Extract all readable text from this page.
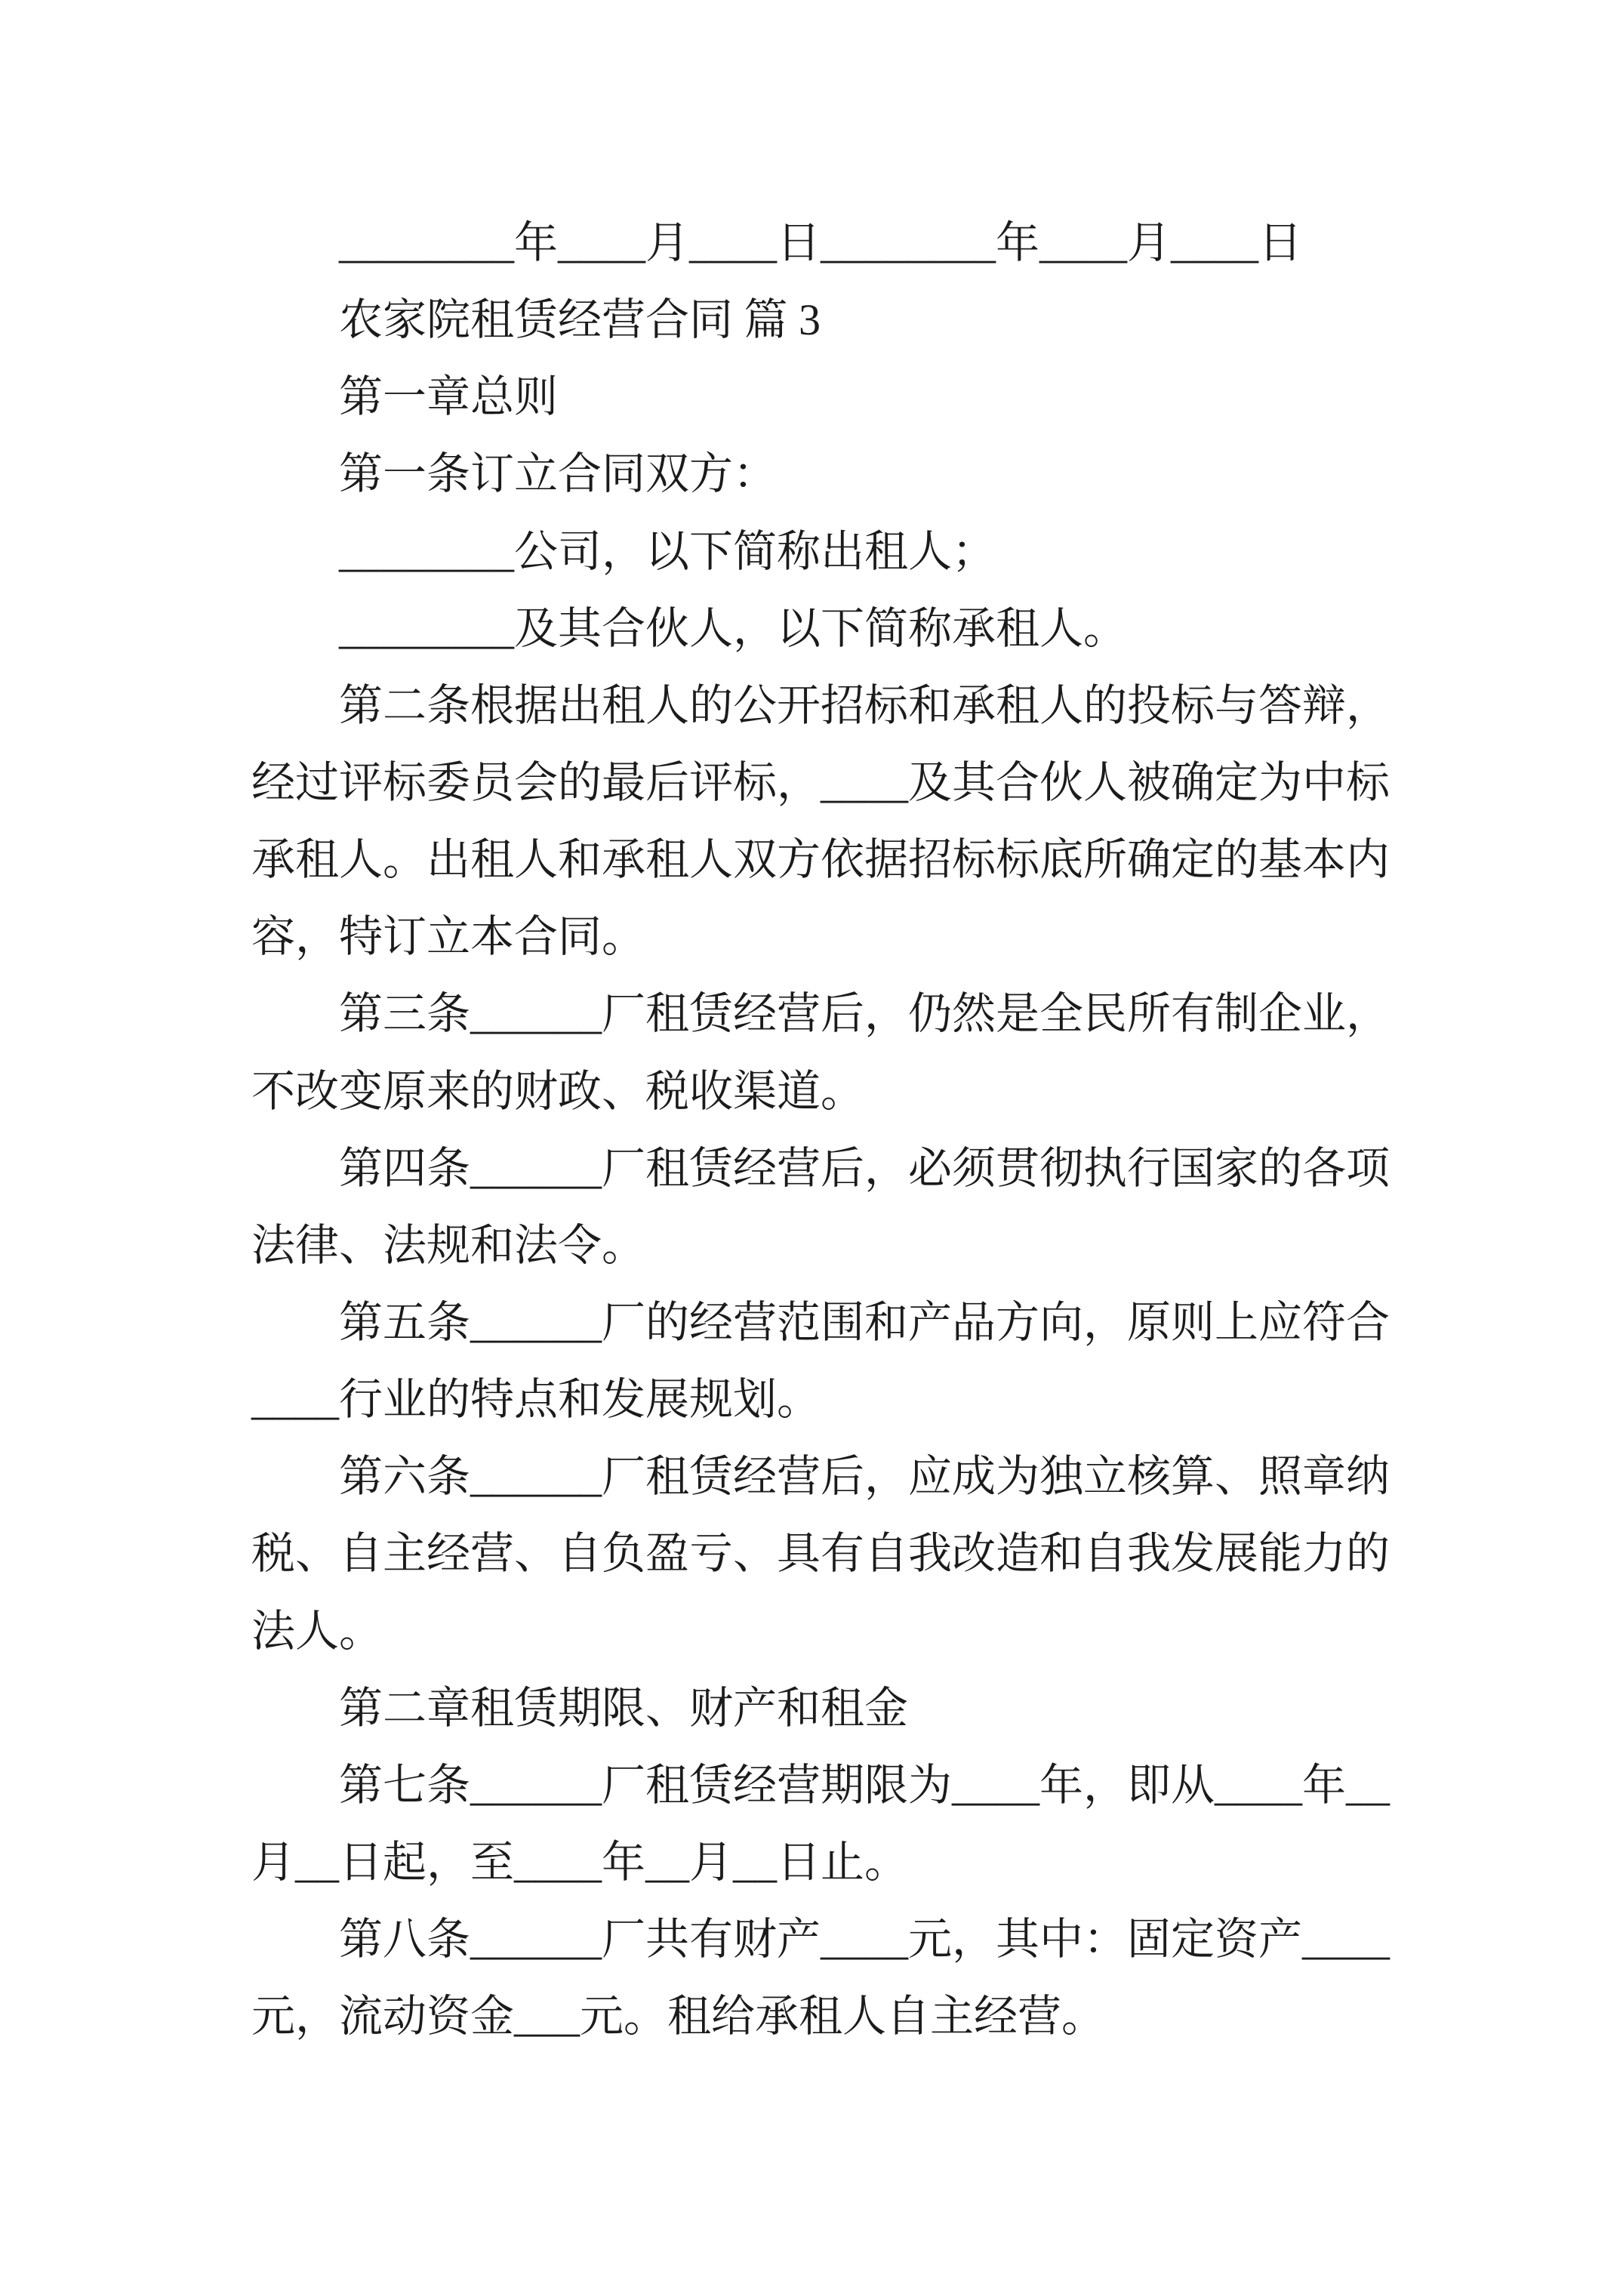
________年____月____日________年____月____日
农家院租赁经营合同 篇 3
第一章总则
第一条订立合同双方：
________公司，以下简称出租人；
________及其合伙人，以下简称承租人。
第二条根据出租人的公开招标和承租人的投标与答辩，
经过评标委员会的最后评标，____及其合伙人被确定为中标
承租人。出租人和承租人双方依据招标标底所确定的基本内
容，特订立本合同。
第三条______厂租赁经营后，仍然是全民所有制企业，
不改变原来的财政、税收渠道。
第四条______厂租赁经营后，必须贯彻执行国家的各项
法律、法规和法令。
第五条______厂的经营范围和产品方向，原则上应符合
____行业的特点和发展规划。
第六条______厂租赁经营后，应成为独立核算、照章纳
税、自主经营、自负盈亏、具有自我改造和自我发展能力的
法人。
第二章租赁期限、财产和租金
第七条______厂租赁经营期限为____年，即从____年__
月__日起，至____年__月__日止。
第八条______厂共有财产____元，其中：固定资产____
元，流动资金___元。租给承租人自主经营。
